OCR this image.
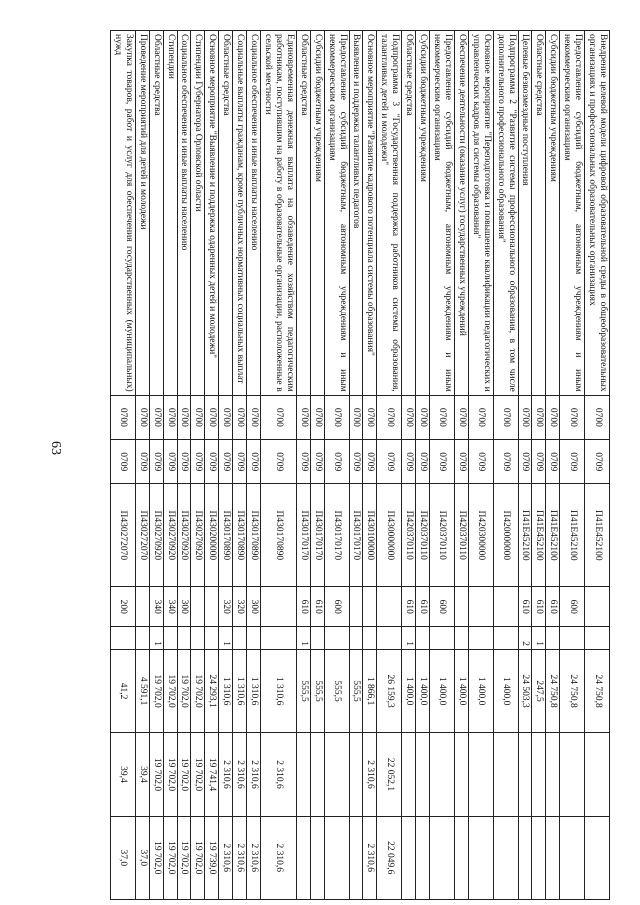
63
Внедрение целевой модели цифровой образовательной среды в общеобразовательных организациях и профессиональных образовательных организациях	0700	0709	П41Е452100			24 750,8		
Предоставление субсидий бюджетным, автономным учреждениям и иным некоммерческим организациям	0700	0709	П41Е452100	600		24 750,8		
Субсидии бюджетным учреждениям	0700	0709	П41Е452100	610		24 750,8		
Областные средства	0700	0709	П41Е452100	610	1	247,5		
Целевые безвозмездные поступления	0700	0709	П41Е452100	610	2	24 503,3		
Подпрограмма 2 "Развитие системы профессионального образования, в том числе дополнительного профессионального образования"	0700	0709	П420000000			1 400,0		
Основное мероприятие "Переподготовка и повышение квалификации педагогических и управленческих кадров для системы образования"	0700	0709	П420300000			1 400,0		
Обеспечение деятельности (оказание услуг) государственных учреждений	0700	0709	П420370110			1 400,0		
Предоставление субсидий бюджетным, автономным учреждениям и иным некоммерческим организациям	0700	0709	П420370110	600		1 400,0		
Субсидии бюджетным учреждениям	0700	0709	П420370110	610		1 400,0		
Областные средства	0700	0709	П420370110	610	1	1 400,0		
Подпрограмма 3 "Государственная поддержка работников системы образования, талантливых детей и молодежи"	0700	0709	П430000000			26 159,3	22 052,1	22 049,6
Основное мероприятие "Развитие кадрового потенциала системы образования"	0700	0709	П430100000			1 866,1	2 310,6	2 310,6
Выявление и поддержка талантливых педагогов	0700	0709	П430170170			555,5		
Предоставление субсидий бюджетным, автономным учреждениям и иным некоммерческим организациям	0700	0709	П430170170	600		555,5		
Субсидии бюджетным учреждениям	0700	0709	П430170170	610		555,5		
Областные средства	0700	0709	П430170170	610	1	555,5		
Единовременная денежная выплата на обзаведение хозяйством педагогическим работникам, поступившим на работу в образовательные организации, расположенные в сельской местности	0700	0709	П430170890			1 310,6	2 310,6	2 310,6
Социальное обеспечение и иные выплаты населению	0700	0709	П430170890	300		1 310,6	2 310,6	2 310,6
Социальные выплаты гражданам, кроме публичных нормативных социальных выплат	0700	0709	П430170890	320		1 310,6	2 310,6	2 310,6
Областные средства	0700	0709	П430170890	320	1	1 310,6	2 310,6	2 310,6
Основное мероприятие "Выявление и поддержка одаренных детей и молодежи"	0700	0709	П430200000			24 293,1	19 741,4	19 739,0
Стипендии Губернатора Орловской области	0700	0709	П430270920			19 702,0	19 702,0	19 702,0
Социальное обеспечение и иные выплаты населению	0700	0709	П430270920	300		19 702,0	19 702,0	19 702,0
Стипендии	0700	0709	П430270920	340		19 702,0	19 702,0	19 702,0
Областные средства	0700	0709	П430270920	340	1	19 702,0	19 702,0	19 702,0
Проведение мероприятий для детей и молодежи	0700	0709	П430272070			4 591,1	39,4	37,0
Закупка товаров, работ и услуг для обеспечения государственных (муниципальных) нужд	0700	0709	П430272070	200		41,2	39,4	37,0
